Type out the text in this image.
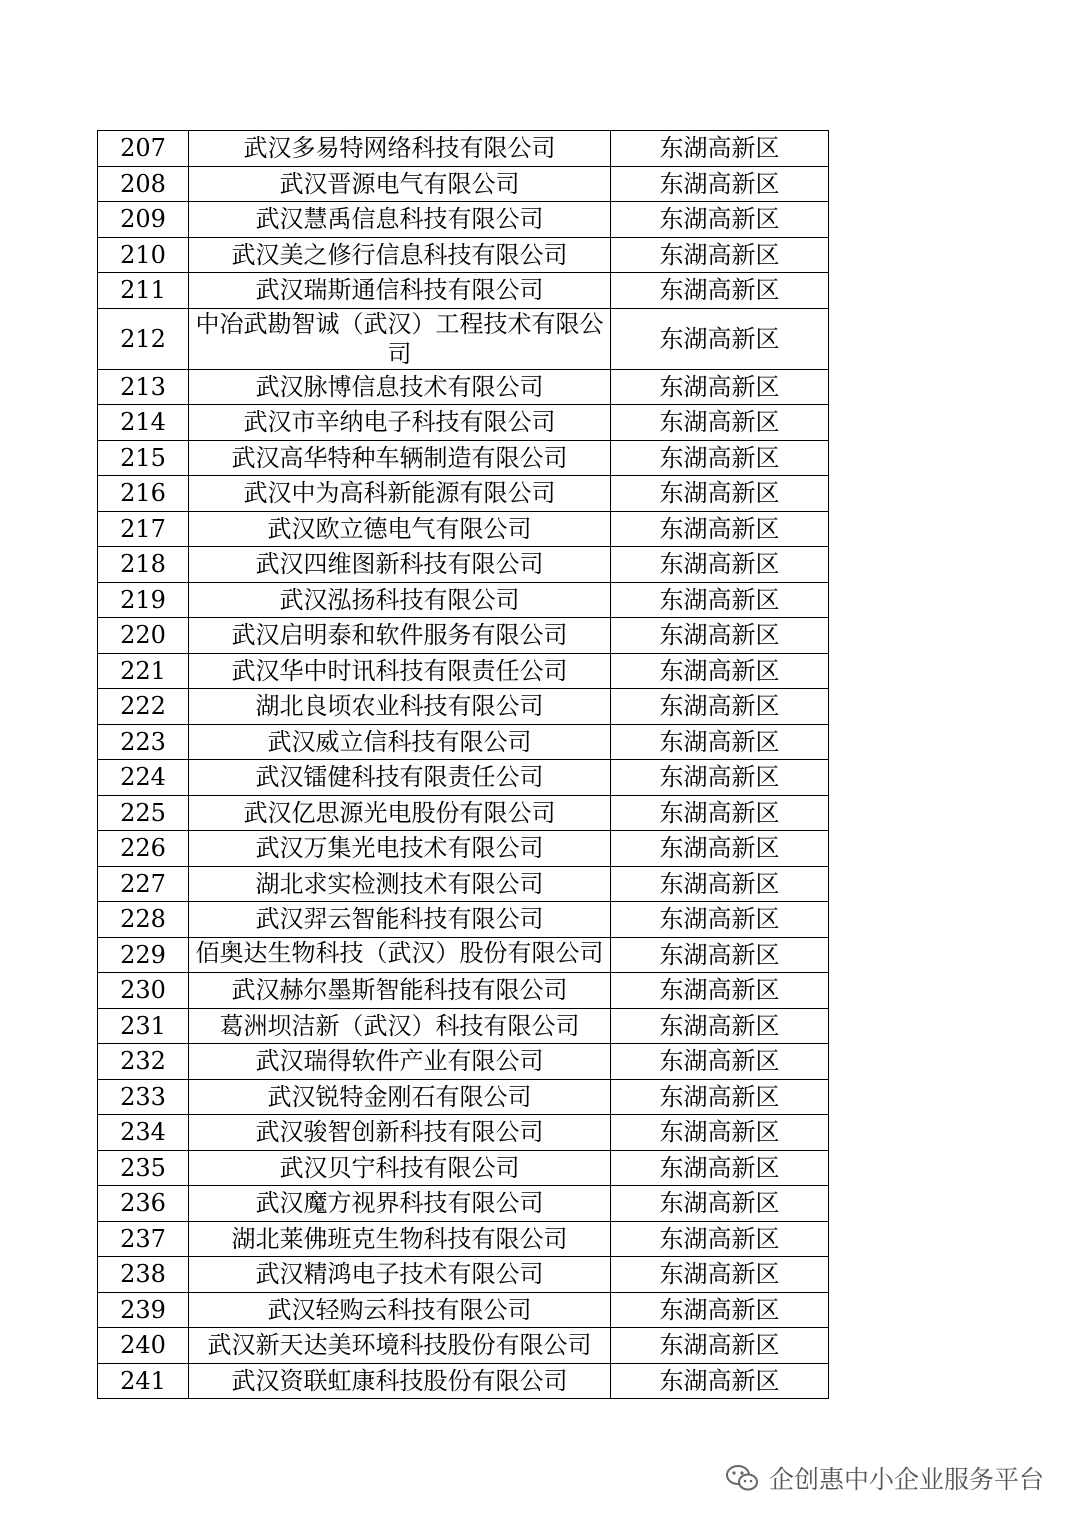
207	武汉多易特网络科技有限公司	东湖高新区
208	武汉晋源电气有限公司	东湖高新区
209	武汉慧禹信息科技有限公司	东湖高新区
210	武汉美之修行信息科技有限公司	东湖高新区
211	武汉瑞斯通信科技有限公司	东湖高新区
212	中冶武勘智诚（武汉）工程技术有限公司	东湖高新区
213	武汉脉博信息技术有限公司	东湖高新区
214	武汉市辛纳电子科技有限公司	东湖高新区
215	武汉高华特种车辆制造有限公司	东湖高新区
216	武汉中为高科新能源有限公司	东湖高新区
217	武汉欧立德电气有限公司	东湖高新区
218	武汉四维图新科技有限公司	东湖高新区
219	武汉泓扬科技有限公司	东湖高新区
220	武汉启明泰和软件服务有限公司	东湖高新区
221	武汉华中时讯科技有限责任公司	东湖高新区
222	湖北良顷农业科技有限公司	东湖高新区
223	武汉威立信科技有限公司	东湖高新区
224	武汉镭健科技有限责任公司	东湖高新区
225	武汉亿思源光电股份有限公司	东湖高新区
226	武汉万集光电技术有限公司	东湖高新区
227	湖北求实检测技术有限公司	东湖高新区
228	武汉羿云智能科技有限公司	东湖高新区
229	佰奥达生物科技（武汉）股份有限公司	东湖高新区
230	武汉赫尔墨斯智能科技有限公司	东湖高新区
231	葛洲坝洁新（武汉）科技有限公司	东湖高新区
232	武汉瑞得软件产业有限公司	东湖高新区
233	武汉锐特金刚石有限公司	东湖高新区
234	武汉骏智创新科技有限公司	东湖高新区
235	武汉贝宁科技有限公司	东湖高新区
236	武汉魔方视界科技有限公司	东湖高新区
237	湖北莱佛班克生物科技有限公司	东湖高新区
238	武汉精鸿电子技术有限公司	东湖高新区
239	武汉轻购云科技有限公司	东湖高新区
240	武汉新天达美环境科技股份有限公司	东湖高新区
241	武汉资联虹康科技股份有限公司	东湖高新区
企创惠中小企业服务平台
